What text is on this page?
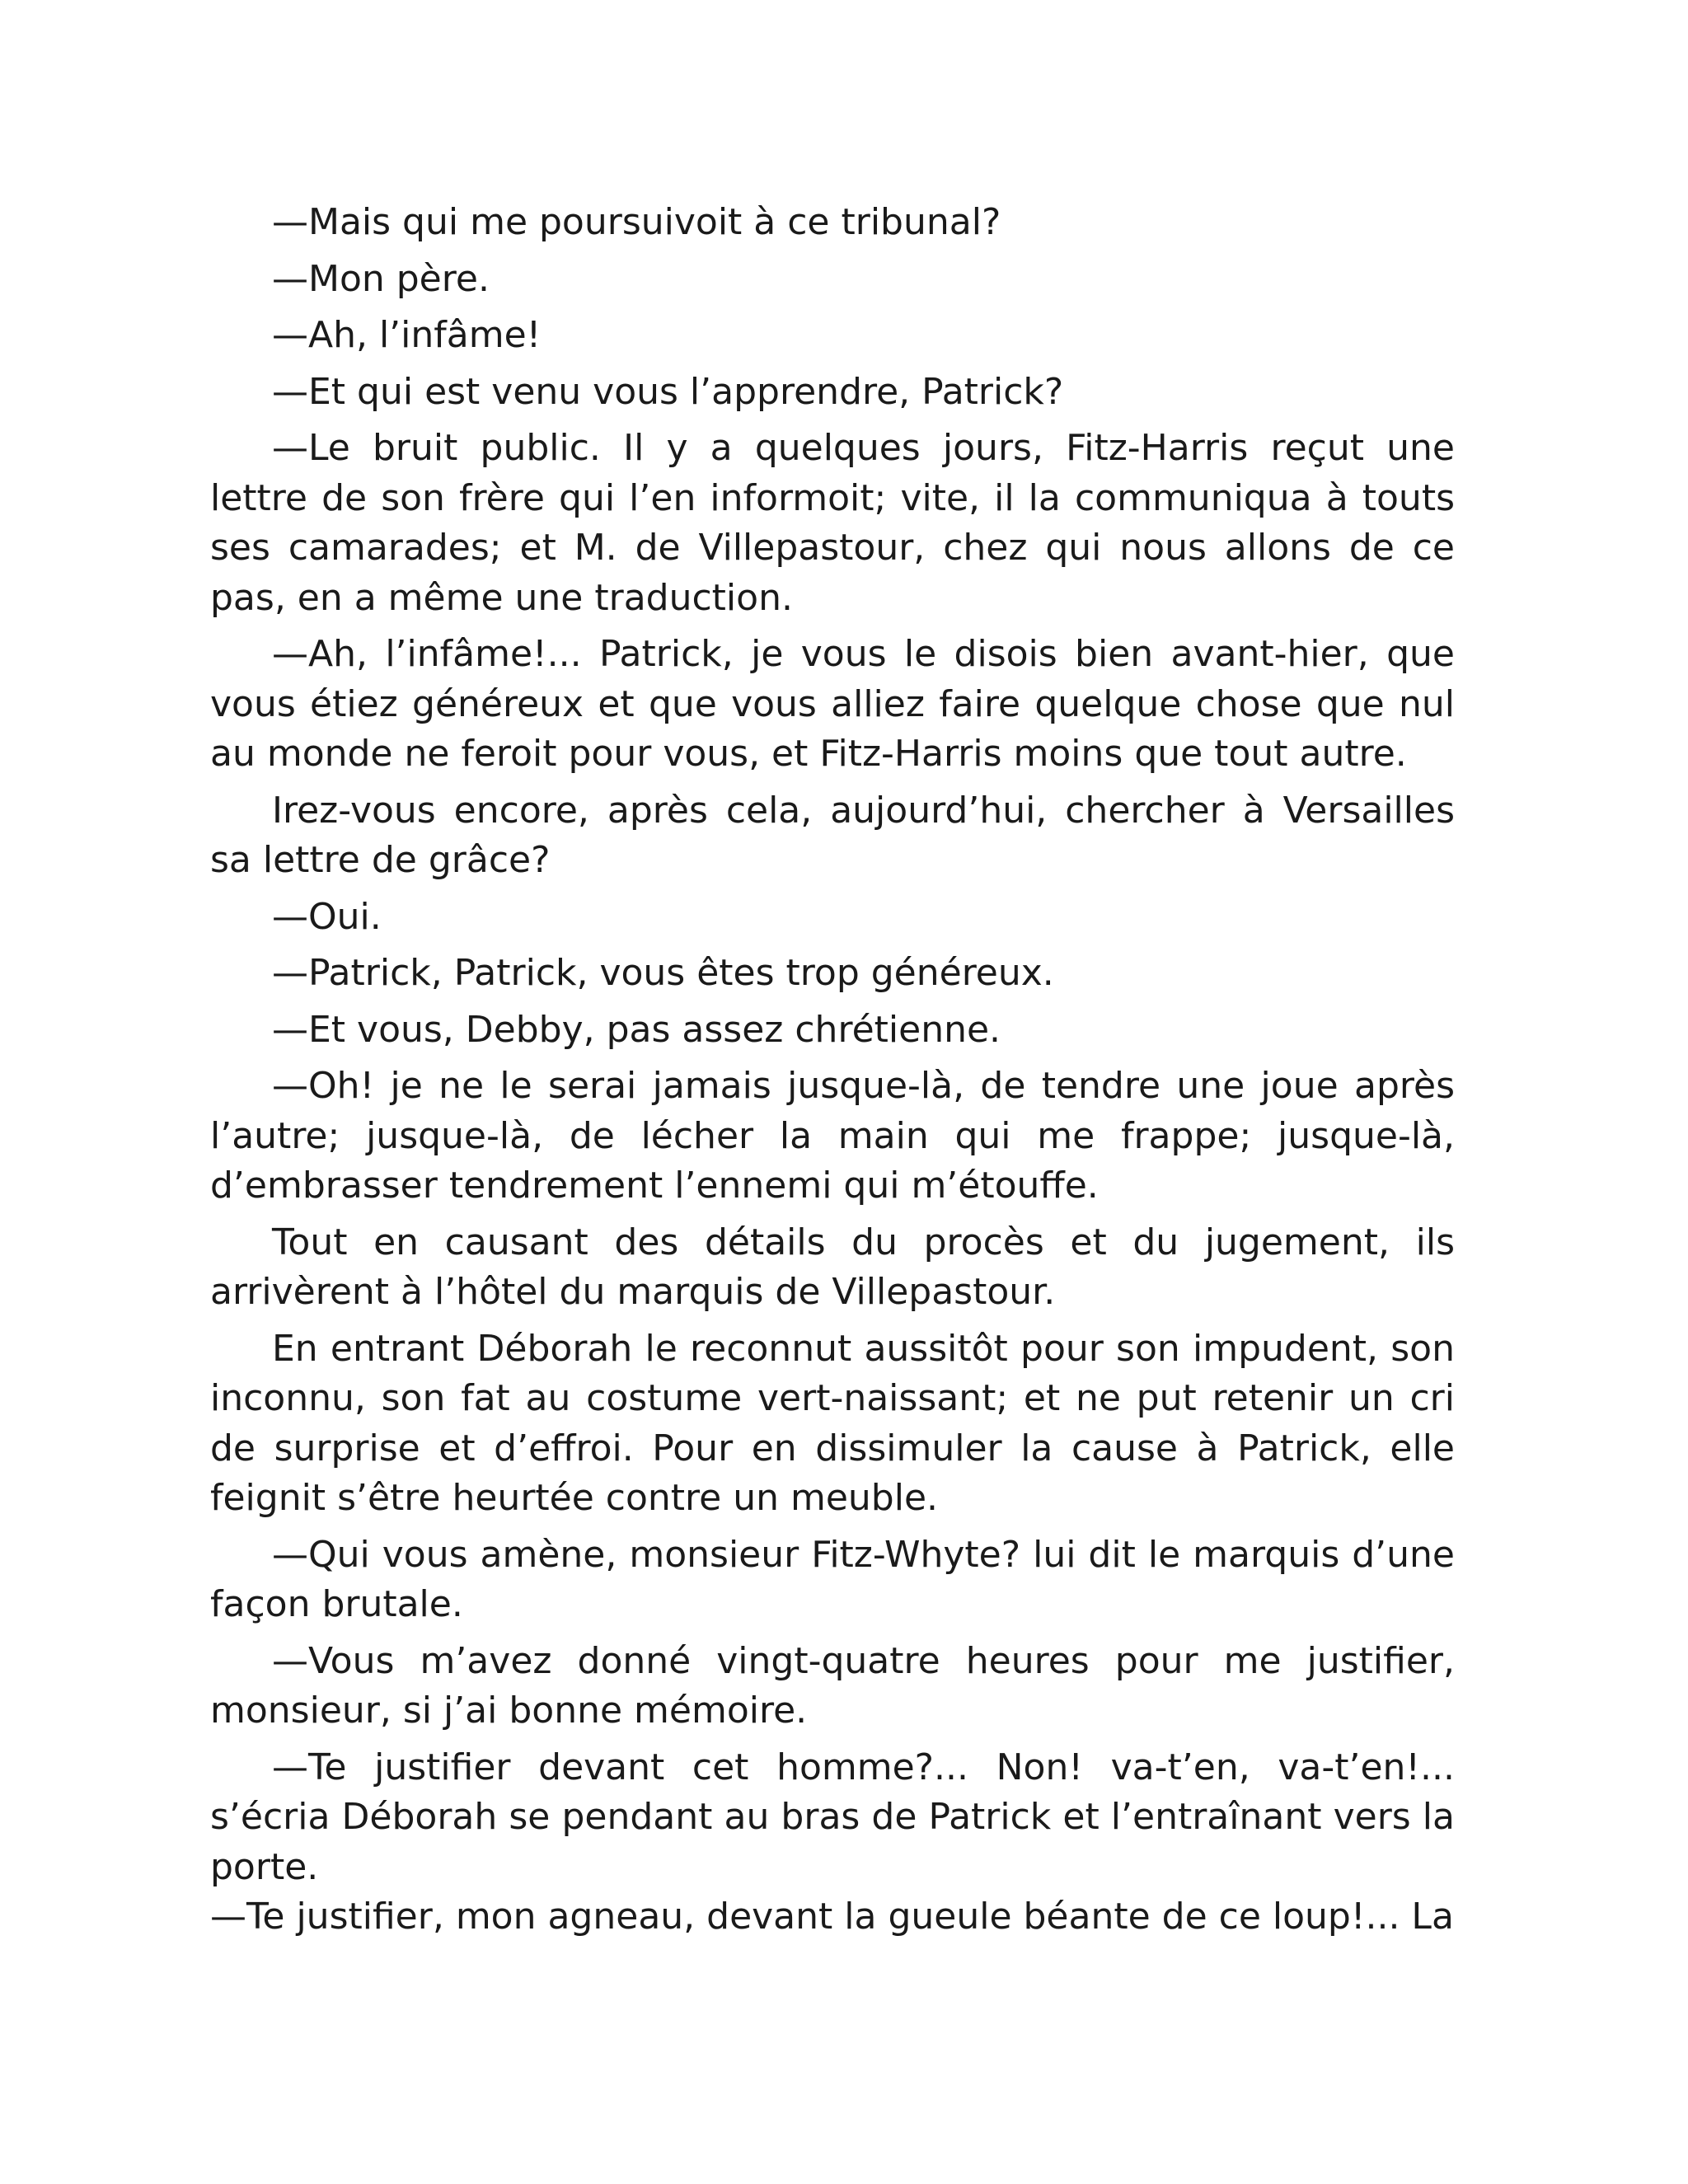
—Mais qui me poursuivoit à ce tribunal?

—Mon père.

—Ah, l’infâme!

—Et qui est venu vous l’apprendre, Patrick?

—Le bruit public. Il y a quelques jours, Fitz-Harris reçut une lettre de son frère qui l’en informoit; vite, il la communiqua à touts ses camarades; et M. de Villepastour, chez qui nous allons de ce pas, en a même une traduction.

—Ah, l’infâme!... Patrick, je vous le disois bien avant-hier, que vous étiez généreux et que vous alliez faire quelque chose que nul au monde ne feroit pour vous, et Fitz-Harris moins que tout autre.

Irez-vous encore, après cela, aujourd’hui, chercher à Versailles sa lettre de grâce?

—Oui.

—Patrick, Patrick, vous êtes trop généreux.

—Et vous, Debby, pas assez chrétienne.

—Oh! je ne le serai jamais jusque-là, de tendre une joue après l’autre; jusque-là, de lécher la main qui me frappe; jusque-là, d’embrasser tendrement l’ennemi qui m’étouffe.

Tout en causant des détails du procès et du jugement, ils arrivèrent à l’hôtel du marquis de Villepastour.

En entrant Déborah le reconnut aussitôt pour son impudent, son inconnu, son fat au costume vert-naissant; et ne put retenir un cri de surprise et d’effroi. Pour en dissimuler la cause à Patrick, elle feignit s’être heurtée contre un meuble.

—Qui vous amène, monsieur Fitz-Whyte? lui dit le marquis d’une façon brutale.

—Vous m’avez donné vingt-quatre heures pour me justifier, monsieur, si j’ai bonne mémoire.

—Te justifier devant cet homme?... Non! va-t’en, va-t’en!... s’écria Déborah se pendant au bras de Patrick et l’entraînant vers la porte.

—Te justifier, mon agneau, devant la gueule béante de ce loup!... La
